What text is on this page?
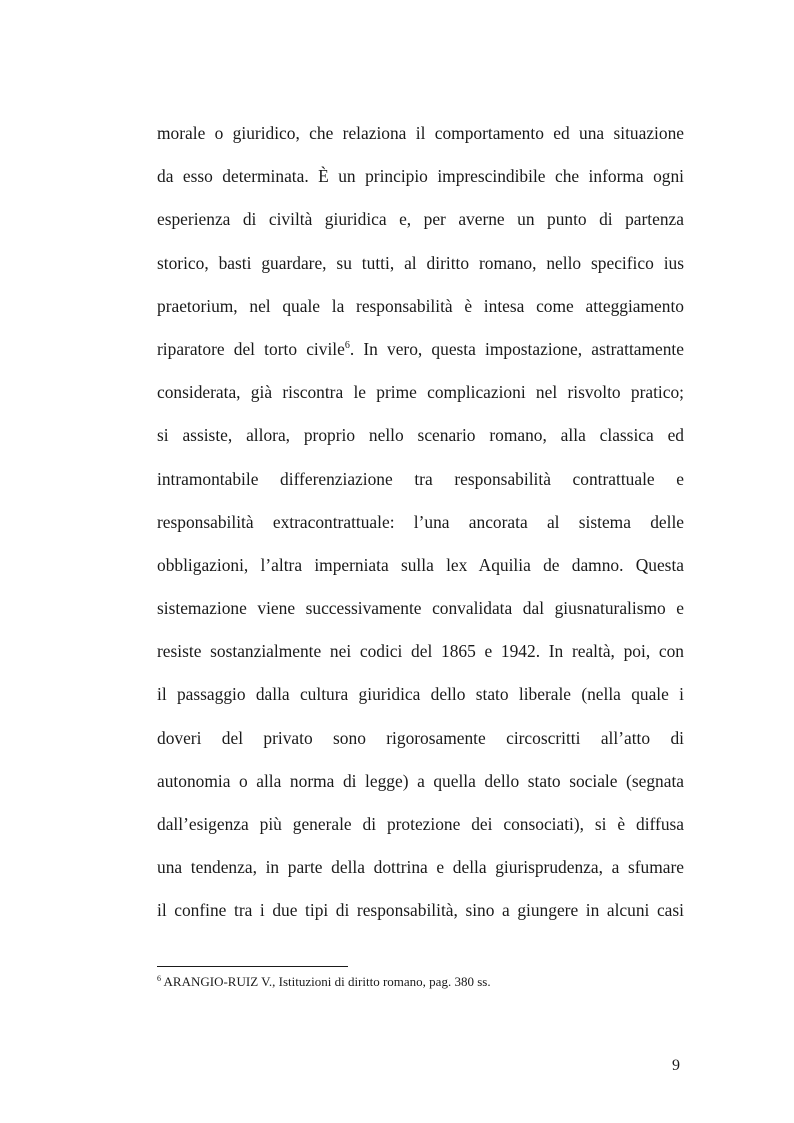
morale o giuridico, che relaziona il comportamento ed una situazione
da esso determinata. È un principio imprescindibile che informa ogni
esperienza di civiltà giuridica e, per averne un punto di partenza
storico, basti guardare, su tutti, al diritto romano, nello specifico ius
praetorium, nel quale la responsabilità è intesa come atteggiamento
riparatore del torto civile$^6$. In vero, questa impostazione, astrattamente
considerata, già riscontra le prime complicazioni nel risvolto pratico;
si assiste, allora, proprio nello scenario romano, alla classica ed
intramontabile differenziazione tra responsabilità contrattuale e
responsabilità extracontrattuale: l’una ancorata al sistema delle
obbligazioni, l’altra imperniata sulla lex Aquilia de damno. Questa
sistemazione viene successivamente convalidata dal giusnaturalismo e
resiste sostanzialmente nei codici del 1865 e 1942. In realtà, poi, con
il passaggio dalla cultura giuridica dello stato liberale (nella quale i
doveri del privato sono rigorosamente circoscritti all’atto di
autonomia o alla norma di legge) a quella dello stato sociale (segnata
dall’esigenza più generale di protezione dei consociati), si è diffusa
una tendenza, in parte della dottrina e della giurisprudenza, a sfumare
il confine tra i due tipi di responsabilità, sino a giungere in alcuni casi
$^6$ ARANGIO-RUIZ V., Istituzioni di diritto romano, pag. 380 ss.
9
